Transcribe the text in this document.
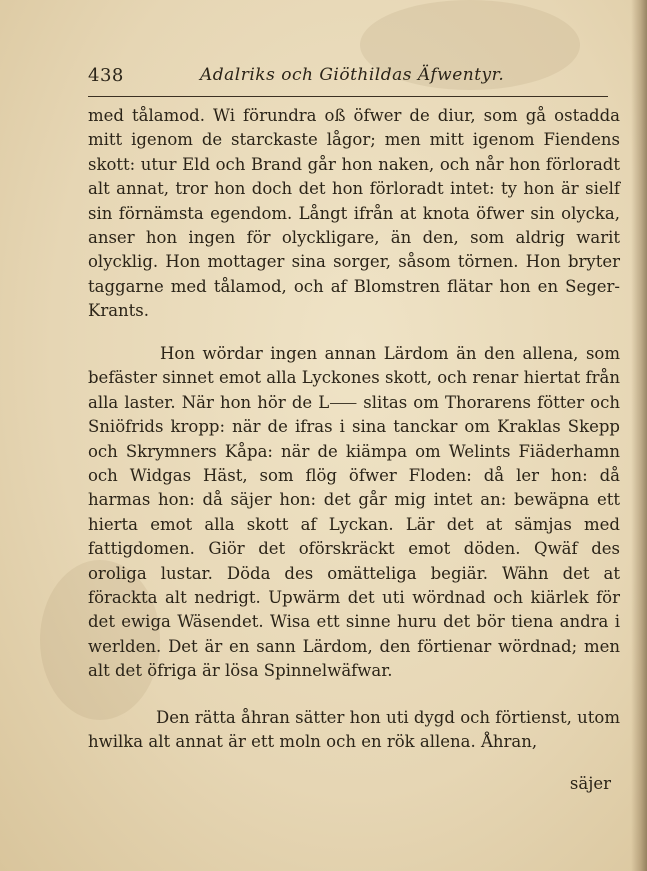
438	Adalriks och Giöthildas Äfwentyr.

med tålamod. Wi förundra oß öfwer de diur, som gå ostadda mitt igenom de starckaste lågor; men mitt igenom Fiendens skott: utur Eld och Brand går hon naken, och når hon förloradt alt annat, tror hon doch det hon förloradt intet: ty hon är sielf sin förnämsta egendom. Långt ifrån at knota öfwer sin olycka, anser hon ingen för olyckligare, än den, som aldrig warit olycklig. Hon mottager sina sorger, såsom törnen. Hon bryter taggarne med tålamod, och af Blomstren flätar hon en Seger-Krants.

Hon wördar ingen annan Lärdom än den allena, som befäster sinnet emot alla Lyckones skott, och renar hiertat från alla laster. När hon hör de L⸺ slitas om Thorarens fötter och Sniöfrids kropp: när de ifras i sina tanckar om Kraklas Skepp och Skrymners Kåpa: när de kiämpa om Welints Fiäderhamn och Widgas Häst, som flög öfwer Floden: då ler hon: då harmas hon: då säjer hon: det går mig intet an: bewäpna ett hierta emot alla skott af Lyckan. Lär det at sämjas med fattigdomen. Giör det oförskräckt emot döden. Qwäf des oroliga lustar. Döda des omätteliga begiär. Wähn det at förackta alt nedrigt. Upwärm det uti wördnad och kiärlek för det ewiga Wäsendet. Wisa ett sinne huru det bör tiena andra i werlden. Det är en sann Lärdom, den förtienar wördnad; men alt det öfriga är lösa Spinnelwäfwar.

Den rätta åhran sätter hon uti dygd och förtienst, utom hwilka alt annat är ett moln och en rök allena. Åhran,

säjer
